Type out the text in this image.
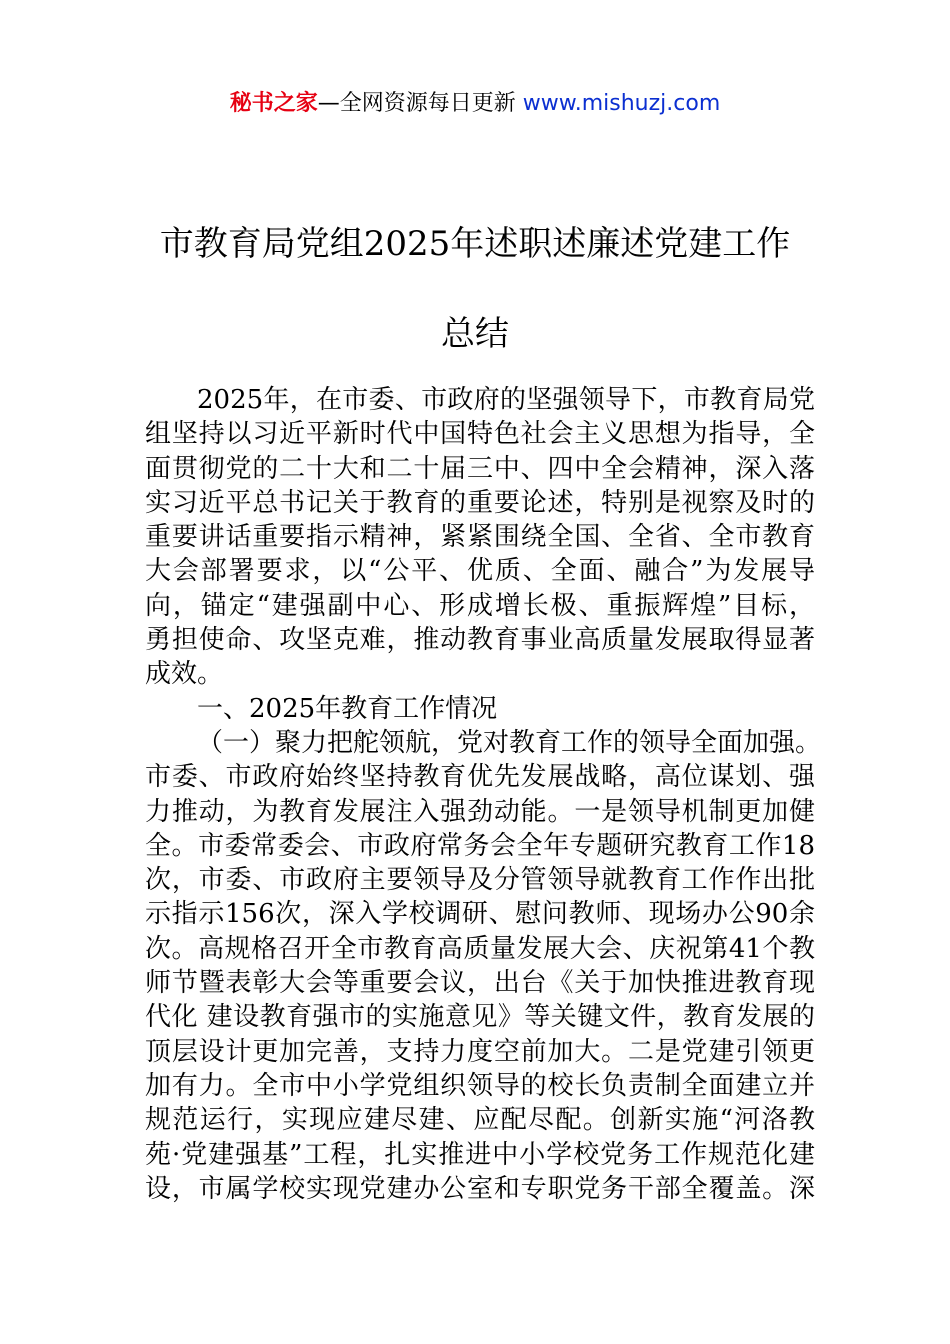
秘书之家—全网资源每日更新 www.mishuzj.com
市教育局党组2025年述职述廉述党建工作
总结
2025年，在市委、市政府的坚强领导下，市教育局党
组坚持以习近平新时代中国特色社会主义思想为指导，全
面贯彻党的二十大和二十届三中、四中全会精神，深入落
实习近平总书记关于教育的重要论述，特别是视察及时的
重要讲话重要指示精神，紧紧围绕全国、全省、全市教育
大会部署要求，以“公平、优质、全面、融合”为发展导
向，锚定“建强副中心、形成增长极、重振辉煌”目标，
勇担使命、攻坚克难，推动教育事业高质量发展取得显著
成效。
一、2025年教育工作情况
（一）聚力把舵领航，党对教育工作的领导全面加强。
市委、市政府始终坚持教育优先发展战略，高位谋划、强
力推动，为教育发展注入强劲动能。一是领导机制更加健
全。市委常委会、市政府常务会全年专题研究教育工作18
次，市委、市政府主要领导及分管领导就教育工作作出批
示指示156次，深入学校调研、慰问教师、现场办公90余
次。高规格召开全市教育高质量发展大会、庆祝第41个教
师节暨表彰大会等重要会议，出台《关于加快推进教育现
代化 建设教育强市的实施意见》等关键文件，教育发展的
顶层设计更加完善，支持力度空前加大。二是党建引领更
加有力。全市中小学党组织领导的校长负责制全面建立并
规范运行，实现应建尽建、应配尽配。创新实施“河洛教
苑·党建强基”工程，扎实推进中小学校党务工作规范化建
设，市属学校实现党建办公室和专职党务干部全覆盖。深
